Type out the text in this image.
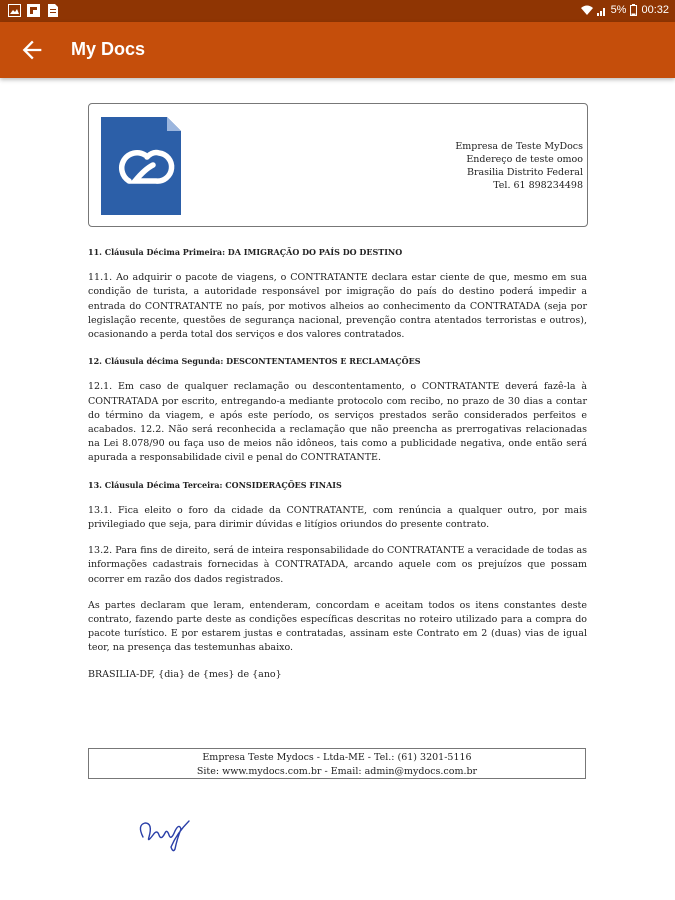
5% 00:32
My Docs
Empresa de Teste MyDocs
Endereço de teste omoo
Brasilia Distrito Federal
Tel. 61 898234498
11. Cláusula Décima Primeira: DA IMIGRAÇÃO DO PAÍS DO DESTINO

11.1. Ao adquirir o pacote de viagens, o CONTRATANTE declara estar ciente de que, mesmo em sua condição de turista, a autoridade responsável por imigração do país do destino poderá impedir a entrada do CONTRATANTE no país, por motivos alheios ao conhecimento da CONTRATADA (seja por legislação recente, questões de segurança nacional, prevenção contra atentados terroristas e outros), ocasionando a perda total dos serviços e dos valores contratados.

12. Cláusula décima Segunda: DESCONTENTAMENTOS E RECLAMAÇÕES

12.1. Em caso de qualquer reclamação ou descontentamento, o CONTRATANTE deverá fazê-la à CONTRATADA por escrito, entregando-a mediante protocolo com recibo, no prazo de 30 dias a contar do término da viagem, e após este período, os serviços prestados serão considerados perfeitos e acabados. 12.2. Não será reconhecida a reclamação que não preencha as prerrogativas relacionadas na Lei 8.078/90 ou faça uso de meios não idôneos, tais como a publicidade negativa, onde então será apurada a responsabilidade civil e penal do CONTRATANTE.

13. Cláusula Décima Terceira: CONSIDERAÇÕES FINAIS

13.1. Fica eleito o foro da cidade da CONTRATANTE, com renúncia a qualquer outro, por mais privilegiado que seja, para dirimir dúvidas e litígios oriundos do presente contrato.

13.2. Para fins de direito, será de inteira responsabilidade do CONTRATANTE a veracidade de todas as informações cadastrais fornecidas à CONTRATADA, arcando aquele com os prejuízos que possam ocorrer em razão dos dados registrados.

As partes declaram que leram, entenderam, concordam e aceitam todos os itens constantes deste contrato, fazendo parte deste as condições específicas descritas no roteiro utilizado para a compra do pacote turístico. E por estarem justas e contratadas, assinam este Contrato em 2 (duas) vias de igual teor, na presença das testemunhas abaixo.

BRASILIA-DF, {dia} de {mes} de {ano}

Empresa Teste Mydocs - Ltda-ME - Tel.: (61) 3201-5116
Site: www.mydocs.com.br - Email: admin@mydocs.com.br
